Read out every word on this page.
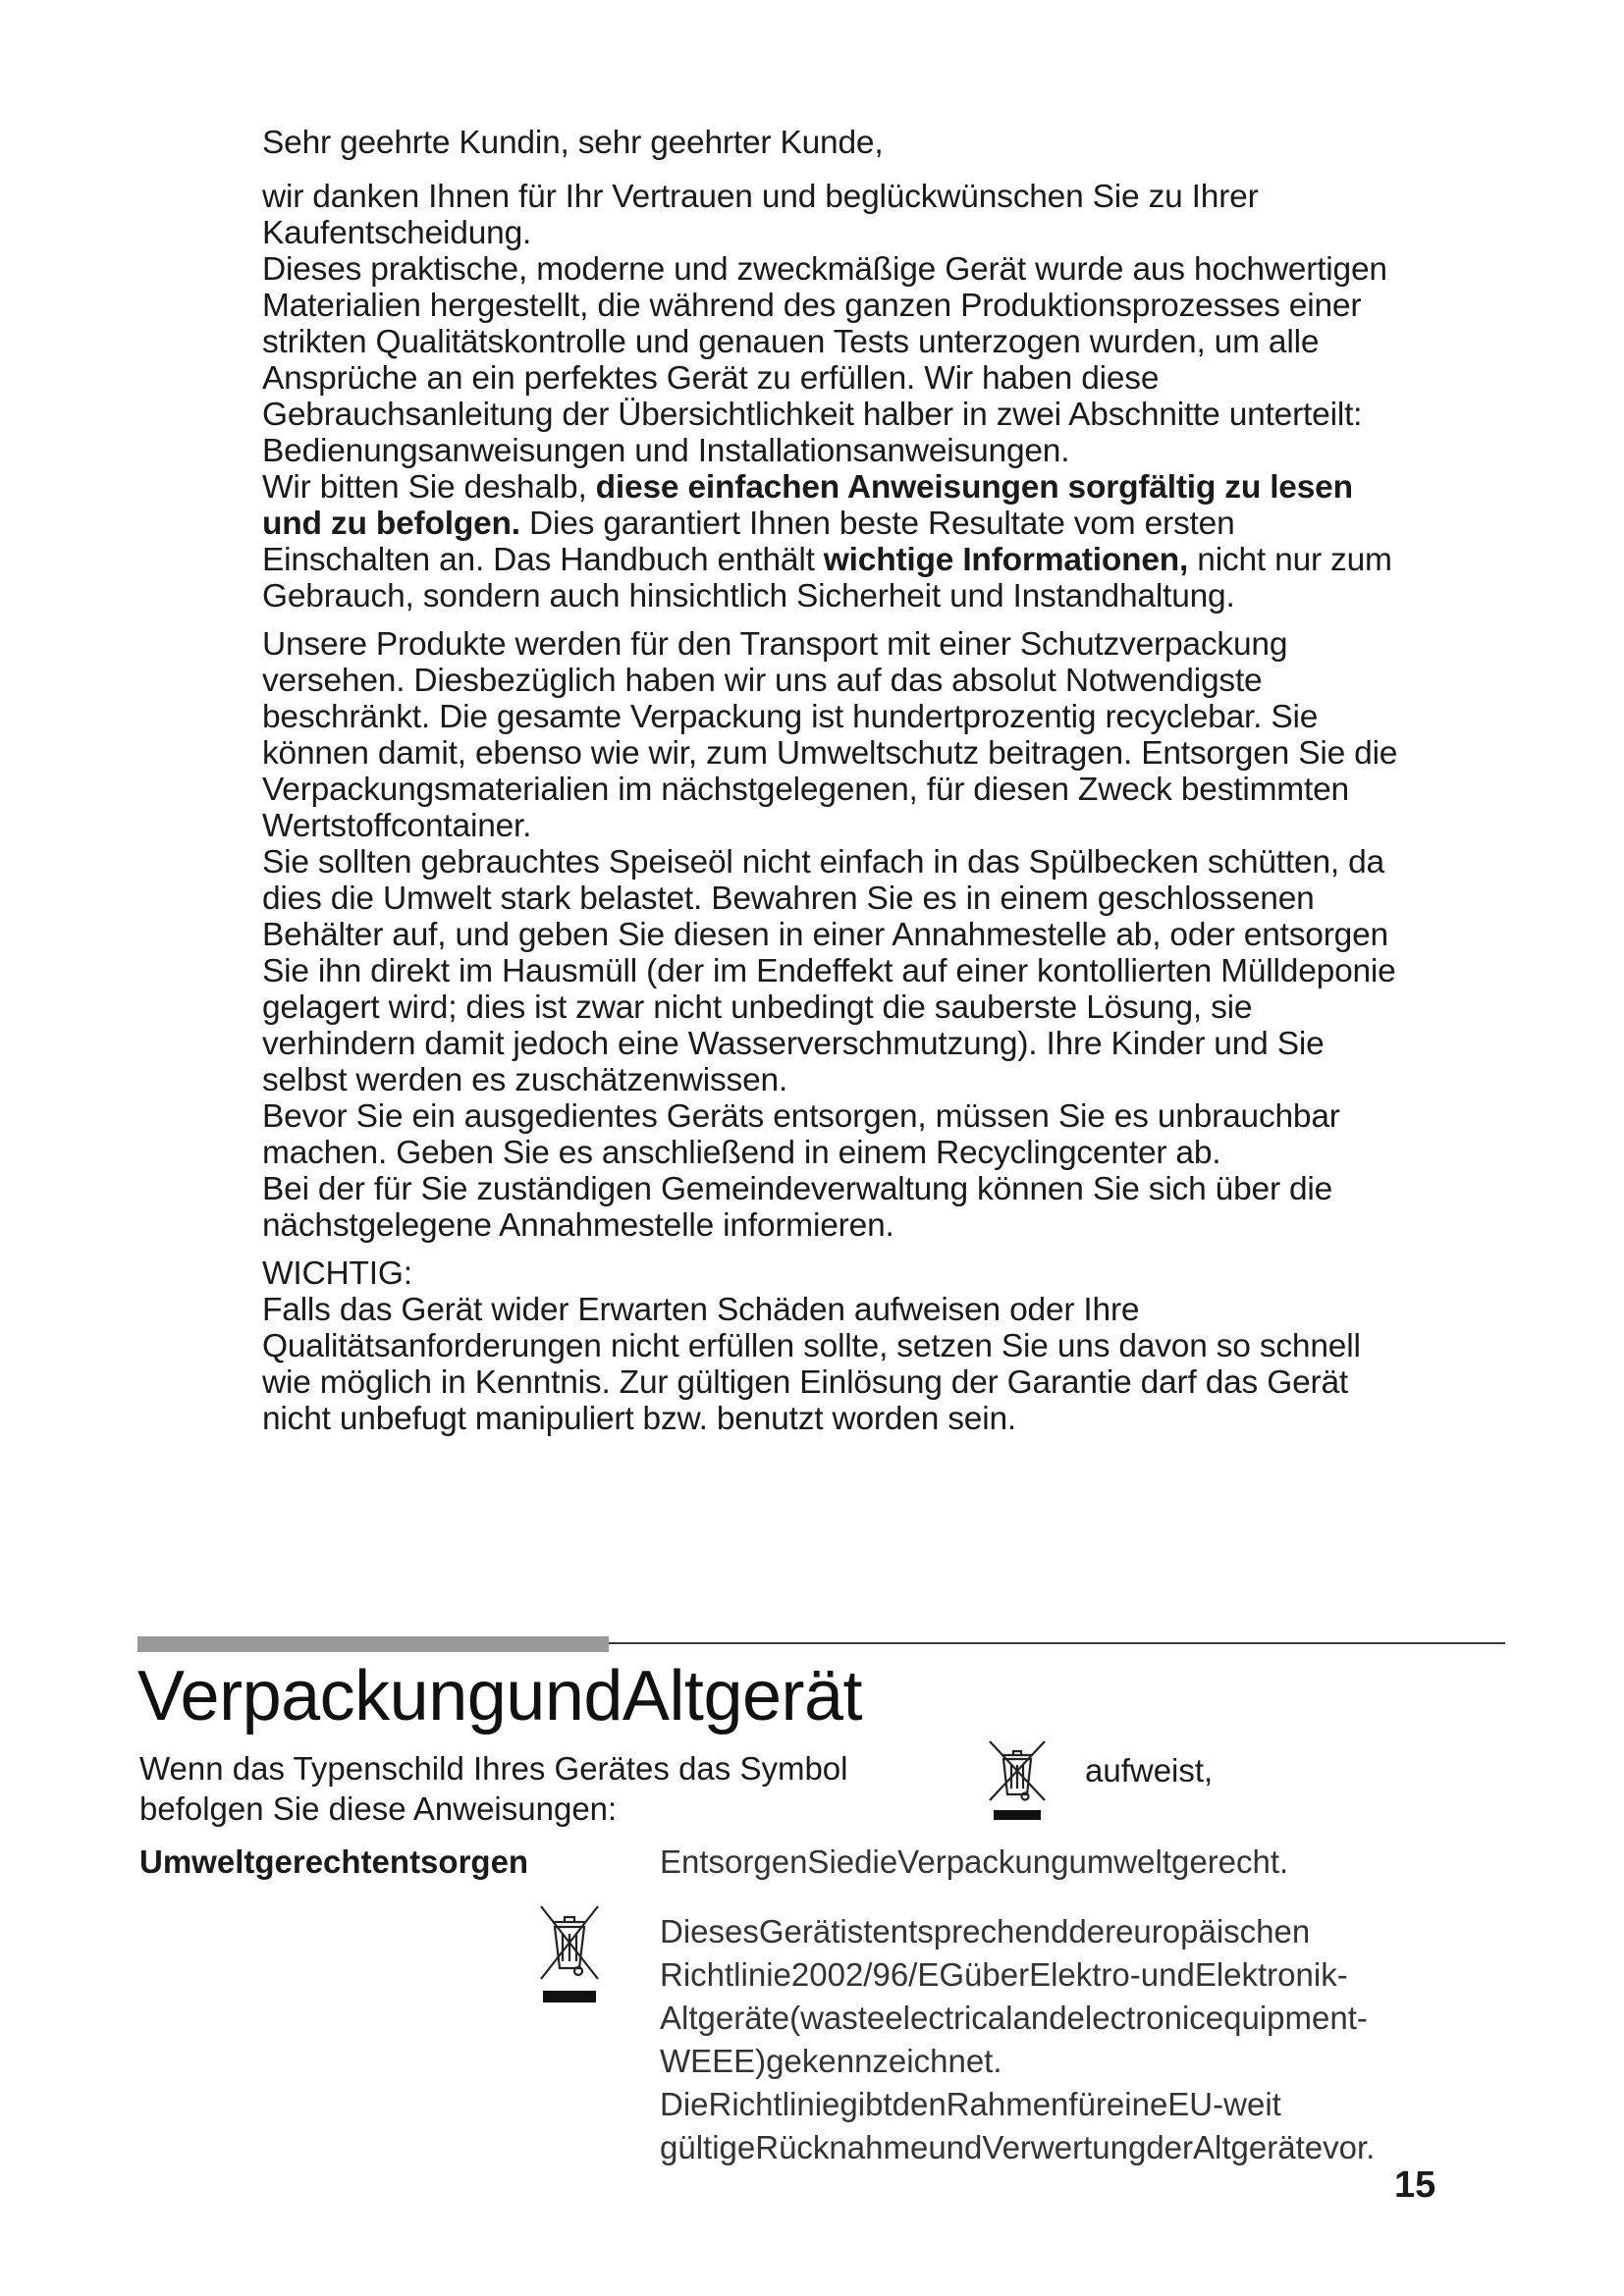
Sehr geehrte Kundin, sehr geehrter Kunde,

wir danken Ihnen für Ihr Vertrauen und beglückwünschen Sie zu Ihrer Kaufentscheidung.

Dieses praktische, moderne und zweckmäßige Gerät wurde aus hochwertigen Materialien hergestellt, die während des ganzen Produktionsprozesses einer strikten Qualitätskontrolle und genauen Tests unterzogen wurden, um alle Ansprüche an ein perfektes Gerät zu erfüllen. Wir haben diese Gebrauchsanleitung der Übersichtlichkeit halber in zwei Abschnitte unterteilt: Bedienungsanweisungen und Installationsanweisungen.

Wir bitten Sie deshalb, diese einfachen Anweisungen sorgfältig zu lesen und zu befolgen. Dies garantiert Ihnen beste Resultate vom ersten Einschalten an. Das Handbuch enthält wichtige Informationen, nicht nur zum Gebrauch, sondern auch hinsichtlich Sicherheit und Instandhaltung.

Unsere Produkte werden für den Transport mit einer Schutzverpackung versehen. Diesbezüglich haben wir uns auf das absolut Notwendigste beschränkt. Die gesamte Verpackung ist hundertprozentig recyclebar. Sie können damit, ebenso wie wir, zum Umweltschutz beitragen. Entsorgen Sie die Verpackungsmaterialien im nächstgelegenen, für diesen Zweck bestimmten Wertstoffcontainer.

Sie sollten gebrauchtes Speiseöl nicht einfach in das Spülbecken schütten, da dies die Umwelt stark belastet. Bewahren Sie es in einem geschlossenen Behälter auf, und geben Sie diesen in einer Annahmestelle ab, oder entsorgen Sie ihn direkt im Hausmüll (der im Endeffekt auf einer kontollierten Mülldeponie gelagert wird; dies ist zwar nicht unbedingt die sauberste Lösung, sie verhindern damit jedoch eine Wasserverschmutzung). Ihre Kinder und Sie selbst werden es zuschätzenwissen.

Bevor Sie ein ausgedientes Geräts entsorgen, müssen Sie es unbrauchbar machen. Geben Sie es anschließend in einem Recyclingcenter ab.

Bei der für Sie zuständigen Gemeindeverwaltung können Sie sich über die nächstgelegene Annahmestelle informieren.

WICHTIG:

Falls das Gerät wider Erwarten Schäden aufweisen oder Ihre Qualitätsanforderungen nicht erfüllen sollte, setzen Sie uns davon so schnell wie möglich in Kenntnis. Zur gültigen Einlösung der Garantie darf das Gerät nicht unbefugt manipuliert bzw. benutzt worden sein.

VerpackungundAltgerät
Wenn das Typenschild Ihres Gerätes das Symbol	aufweist,
befolgen Sie diese Anweisungen:
Umweltgerechtentsorgen	EntsorgenSiedieVerpackungumweltgerecht.

DiesesGerätistentsprechenddereuropäischen

Richtlinie2002/96/EGüberElektro-undElektronik-

Altgeräte(wasteelectricalandelectronicequipment-

WEEE)gekennzeichnet.

DieRichtliniegibtdenRahmenfüreineEU-weit

gültigeRücknahmeundVerwertungderAltgerätevor.

15
